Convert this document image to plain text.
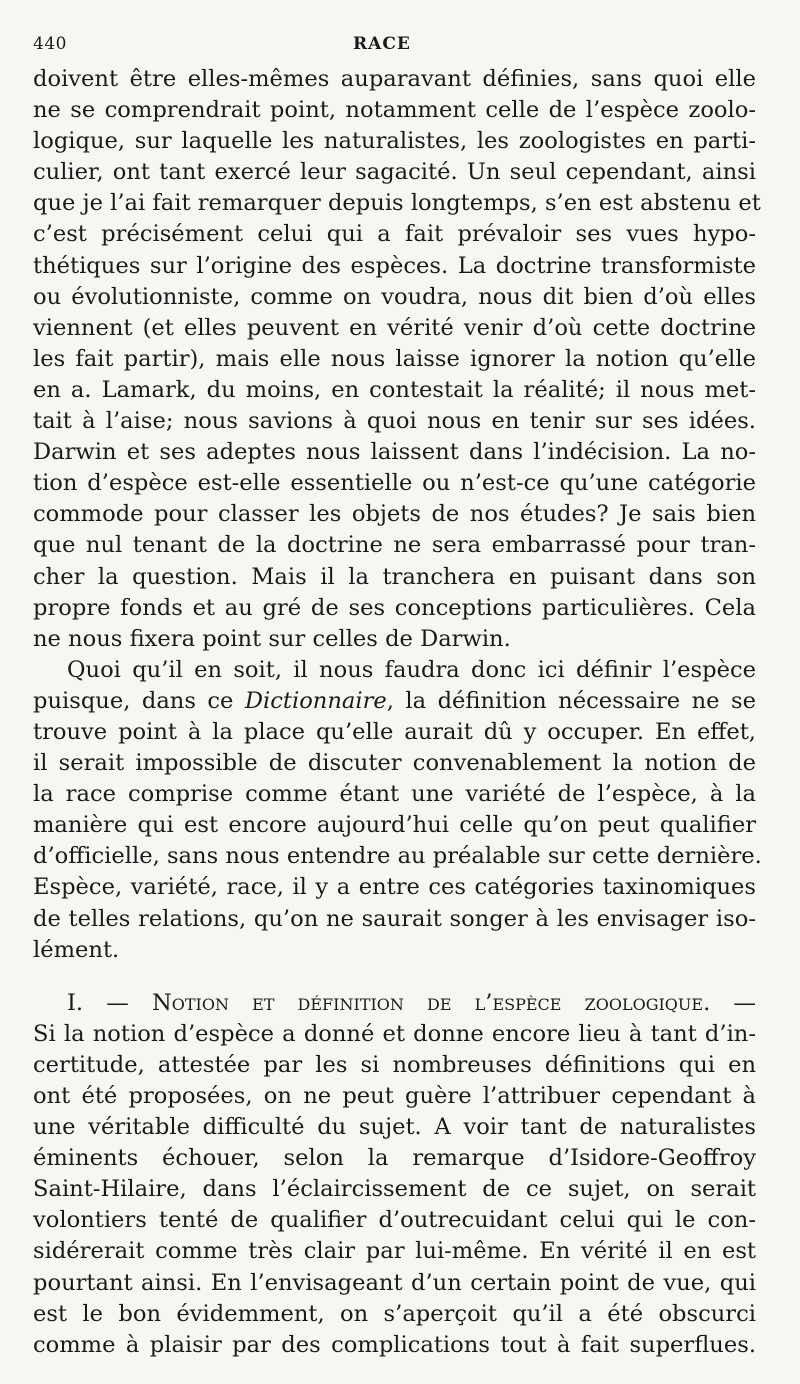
440	RACE
doivent être elles-mêmes auparavant définies, sans quoi elle
ne se comprendrait point, notamment celle de l’espèce zoolo-
logique, sur laquelle les naturalistes, les zoologistes en parti-
culier, ont tant exercé leur sagacité. Un seul cependant, ainsi
que je l’ai fait remarquer depuis longtemps, s’en est abstenu et
c’est précisément celui qui a fait prévaloir ses vues hypo-
thétiques sur l’origine des espèces. La doctrine transformiste
ou évolutionniste, comme on voudra, nous dit bien d’où elles
viennent (et elles peuvent en vérité venir d’où cette doctrine
les fait partir), mais elle nous laisse ignorer la notion qu’elle
en a. Lamark, du moins, en contestait la réalité; il nous met-
tait à l’aise; nous savions à quoi nous en tenir sur ses idées.
Darwin et ses adeptes nous laissent dans l’indécision. La no-
tion d’espèce est-elle essentielle ou n’est-ce qu’une catégorie
commode pour classer les objets de nos études? Je sais bien
que nul tenant de la doctrine ne sera embarrassé pour tran-
cher la question. Mais il la tranchera en puisant dans son
propre fonds et au gré de ses conceptions particulières. Cela
ne nous fixera point sur celles de Darwin.
Quoi qu’il en soit, il nous faudra donc ici définir l’espèce
puisque, dans ce Dictionnaire, la définition nécessaire ne se
trouve point à la place qu’elle aurait dû y occuper. En effet,
il serait impossible de discuter convenablement la notion de
la race comprise comme étant une variété de l’espèce, à la
manière qui est encore aujourd’hui celle qu’on peut qualifier
d’officielle, sans nous entendre au préalable sur cette dernière.
Espèce, variété, race, il y a entre ces catégories taxinomiques
de telles relations, qu’on ne saurait songer à les envisager iso-
lément.
I. — Notion et définition de l’espèce zoologique. —
Si la notion d’espèce a donné et donne encore lieu à tant d’in-
certitude, attestée par les si nombreuses définitions qui en
ont été proposées, on ne peut guère l’attribuer cependant à
une véritable difficulté du sujet. A voir tant de naturalistes
éminents échouer, selon la remarque d’Isidore-Geoffroy
Saint-Hilaire, dans l’éclaircissement de ce sujet, on serait
volontiers tenté de qualifier d’outrecuidant celui qui le con-
sidérerait comme très clair par lui-même. En vérité il en est
pourtant ainsi. En l’envisageant d’un certain point de vue, qui
est le bon évidemment, on s’aperçoit qu’il a été obscurci
comme à plaisir par des complications tout à fait superflues.
